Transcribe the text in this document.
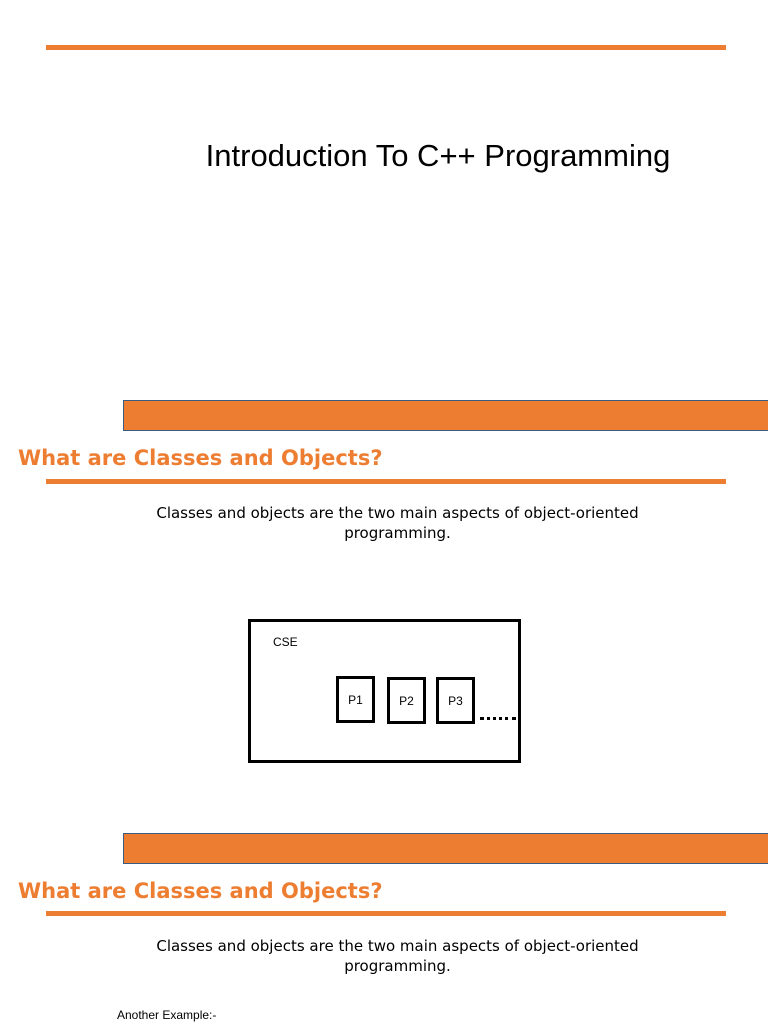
Introduction To C++ Programming
What are Classes and Objects?
Classes and objects are the two main aspects of object-oriented programming.
CSE
P1	P2	P3
What are Classes and Objects?
Classes and objects are the two main aspects of object-oriented programming.
Another Example:-
